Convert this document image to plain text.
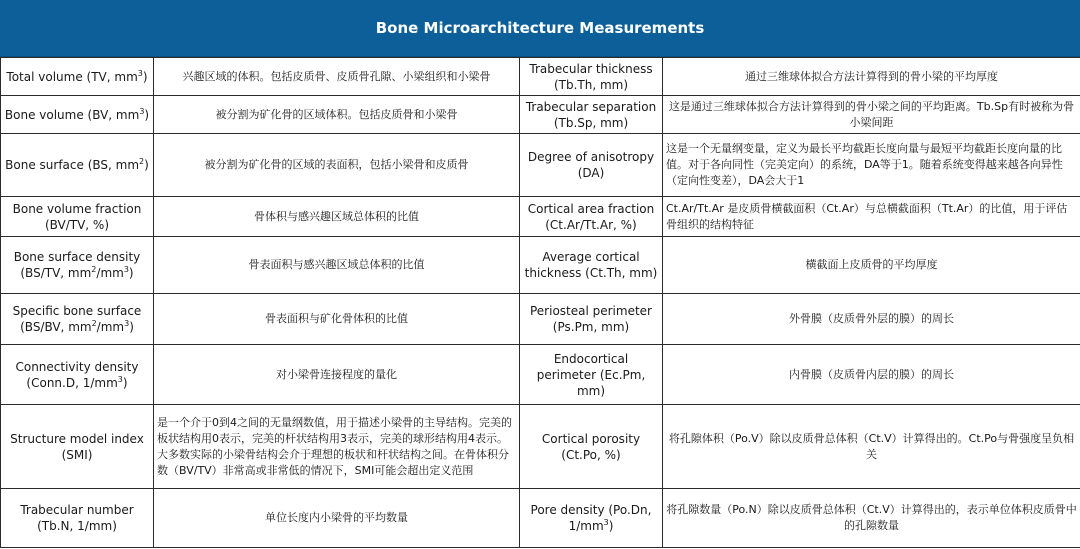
Bone Microarchitecture Measurements
Total volume (TV, $mm^3$)	兴趣区域的体积。包括皮质骨、皮质骨孔隙、小梁组织和小梁骨	Trabecular thickness (Tb.Th, mm)	通过三维球体拟合方法计算得到的骨小梁的平均厚度
Bone volume (BV, $mm^3$)	被分割为矿化骨的区域体积。包括皮质骨和小梁骨	Trabecular separation (Tb.Sp, mm)	这是通过三维球体拟合方法计算得到的骨小梁之间的平均距离。Tb.Sp有时被称为骨小梁间距
Bone surface (BS, $mm^2$)	被分割为矿化骨的区域的表面积，包括小梁骨和皮质骨	Degree of anisotropy (DA)	这是一个无量纲变量，定义为最长平均截距长度向量与最短平均截距长度向量的比值。对于各向同性（完美定向）的系统，DA等于1。随着系统变得越来越各向异性（定向性变差），DA会大于1
Bone volume fraction (BV/TV, %)	骨体积与感兴趣区域总体积的比值	Cortical area fraction (Ct.Ar/Tt.Ar, %)	Ct.Ar/Tt.Ar 是皮质骨横截面积（Ct.Ar）与总横截面积（Tt.Ar）的比值，用于评估骨组织的结构特征
Bone surface density (BS/TV, $mm^2/mm^3$)	骨表面积与感兴趣区域总体积的比值	Average cortical thickness (Ct.Th, mm)	横截面上皮质骨的平均厚度
Specific bone surface (BS/BV, $mm^2/mm^3$)	骨表面积与矿化骨体积的比值	Periosteal perimeter (Ps.Pm, mm)	外骨膜（皮质骨外层的膜）的周长
Connectivity density (Conn.D, $1/mm^3$)	对小梁骨连接程度的量化	Endocortical perimeter (Ec.Pm, mm)	内骨膜（皮质骨内层的膜）的周长
Structure model index (SMI)	是一个介于0到4之间的无量纲数值，用于描述小梁骨的主导结构。完美的板状结构用0表示，完美的杆状结构用3表示，完美的球形结构用4表示。大多数实际的小梁骨结构会介于理想的板状和杆状结构之间。在骨体积分数（BV/TV）非常高或非常低的情况下，SMI可能会超出定义范围	Cortical porosity (Ct.Po, %)	将孔隙体积（Po.V）除以皮质骨总体积（Ct.V）计算得出的。Ct.Po与骨强度呈负相关
Trabecular number (Tb.N, 1/mm)	单位长度内小梁骨的平均数量	Pore density (Po.Dn, $1/mm^3$)	将孔隙数量（Po.N）除以皮质骨总体积（Ct.V）计算得出的，表示单位体积皮质骨中的孔隙数量
